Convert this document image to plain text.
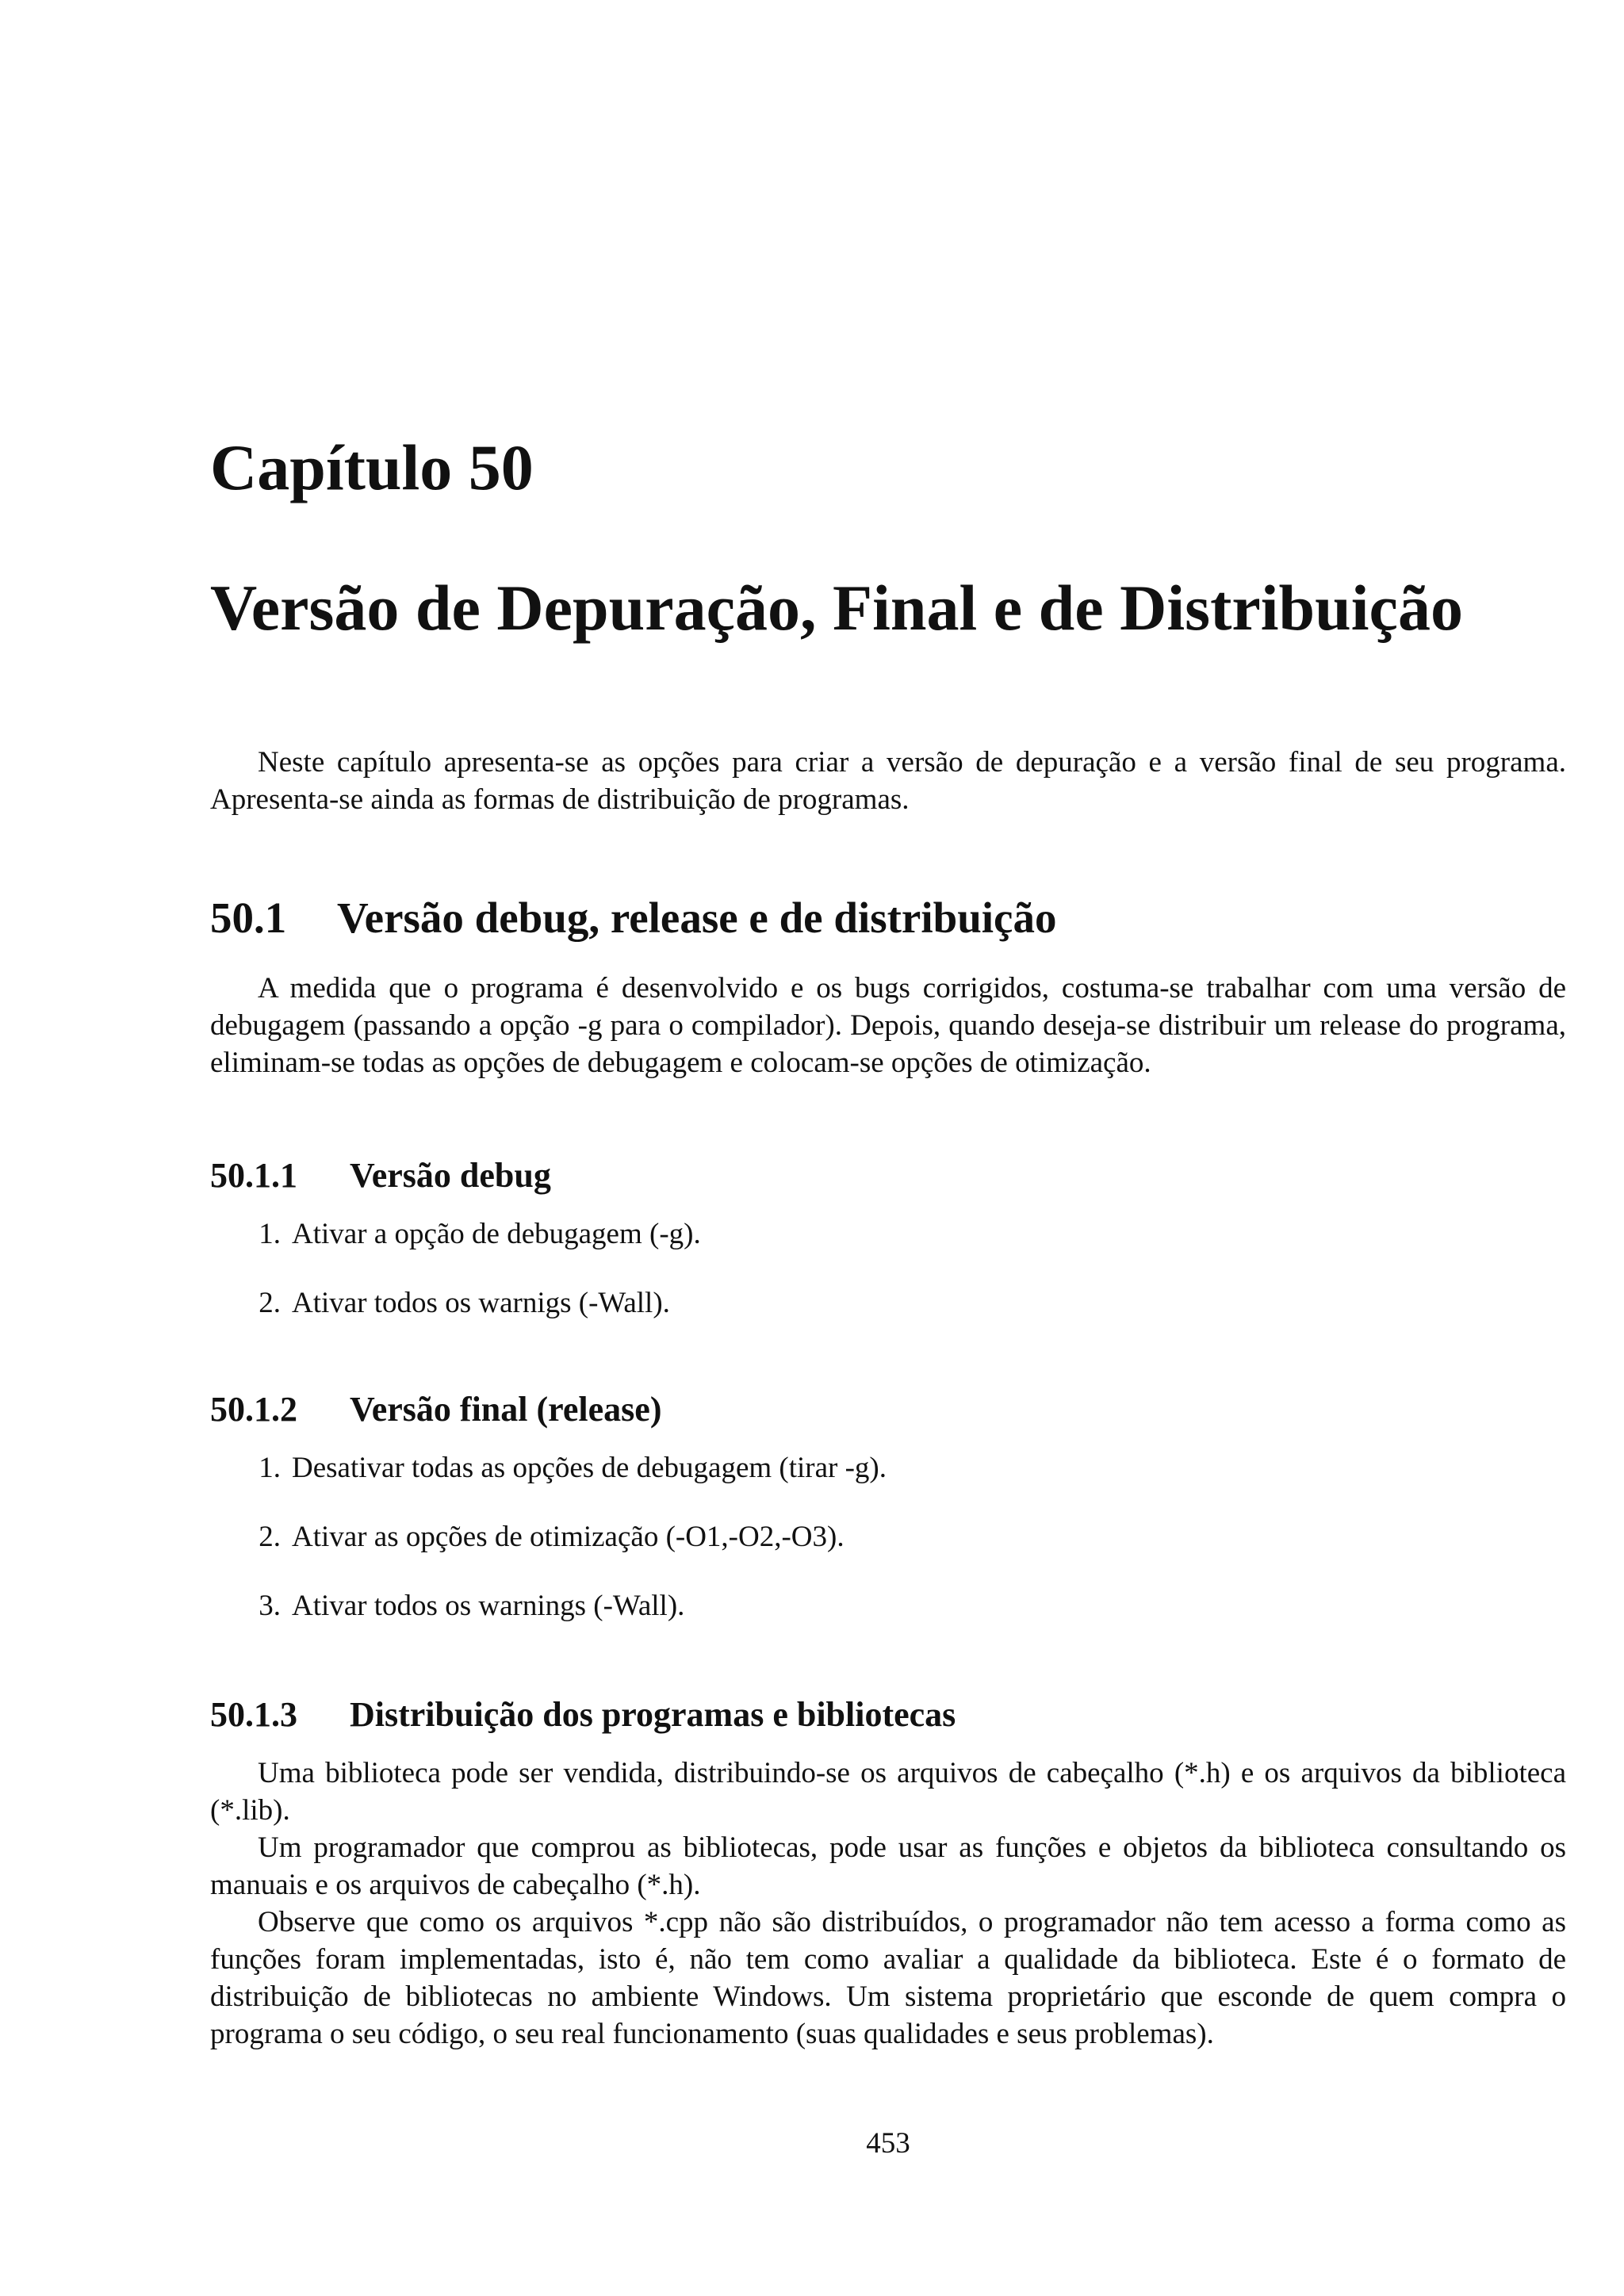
Capítulo 50
Versão de Depuração, Final e de Distribuição

Neste capítulo apresenta-se as opções para criar a versão de depuração e a versão final de seu programa. Apresenta-se ainda as formas de distribuição de programas.

50.1	Versão debug, release e de distribuição

A medida que o programa é desenvolvido e os bugs corrigidos, costuma-se trabalhar com uma versão de debugagem (passando a opção -g para o compilador). Depois, quando deseja-se distribuir um release do programa, eliminam-se todas as opções de debugagem e colocam-se opções de otimização.

50.1.1	Versão debug
1. Ativar a opção de debugagem (-g).
2. Ativar todos os warnigs (-Wall).
50.1.2	Versão final (release)
1. Desativar todas as opções de debugagem (tirar -g).
2. Ativar as opções de otimização (-O1,-O2,-O3).
3. Ativar todos os warnings (-Wall).
50.1.3	Distribuição dos programas e bibliotecas

Uma biblioteca pode ser vendida, distribuindo-se os arquivos de cabeçalho (*.h) e os arquivos da biblioteca (*.lib).

Um programador que comprou as bibliotecas, pode usar as funções e objetos da biblioteca consultando os manuais e os arquivos de cabeçalho (*.h).

Observe que como os arquivos *.cpp não são distribuídos, o programador não tem acesso a forma como as funções foram implementadas, isto é, não tem como avaliar a qualidade da biblioteca. Este é o formato de distribuição de bibliotecas no ambiente Windows. Um sistema proprietário que esconde de quem compra o programa o seu código, o seu real funcionamento (suas qualidades e seus problemas).

453
